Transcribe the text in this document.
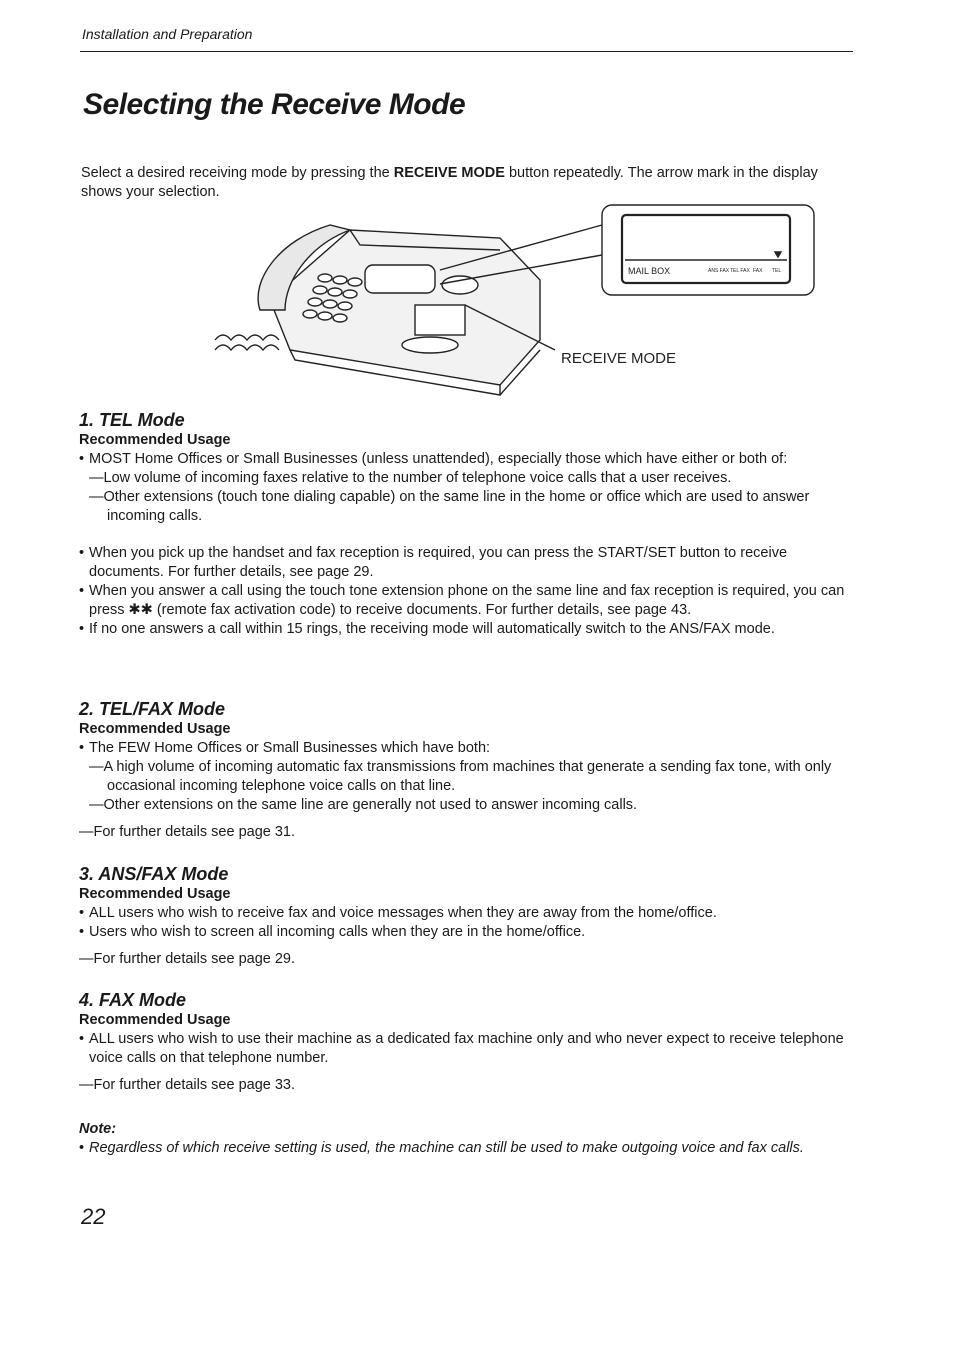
Installation and Preparation
Selecting the Receive Mode
Select a desired receiving mode by pressing the RECEIVE MODE button repeatedly. The arrow mark in the display shows your selection.
MAIL BOX	ANS FAX TEL FAX FAX TEL
RECEIVE MODE
1. TEL Mode
Recommended Usage
• MOST Home Offices or Small Businesses (unless unattended), especially those which have either or both of:
—Low volume of incoming faxes relative to the number of telephone voice calls that a user receives.
—Other extensions (touch tone dialing capable) on the same line in the home or office which are used to answer incoming calls.
• When you pick up the handset and fax reception is required, you can press the START/SET button to receive documents. For further details, see page 29.
• When you answer a call using the touch tone extension phone on the same line and fax reception is required, you can press ✱✱ (remote fax activation code) to receive documents. For further details, see page 43.
• If no one answers a call within 15 rings, the receiving mode will automatically switch to the ANS/FAX mode.
2. TEL/FAX Mode
Recommended Usage
• The FEW Home Offices or Small Businesses which have both:
—A high volume of incoming automatic fax transmissions from machines that generate a sending fax tone, with only occasional incoming telephone voice calls on that line.
—Other extensions on the same line are generally not used to answer incoming calls.
—For further details see page 31.
3. ANS/FAX Mode
Recommended Usage
• ALL users who wish to receive fax and voice messages when they are away from the home/office.
• Users who wish to screen all incoming calls when they are in the home/office.
—For further details see page 29.
4. FAX Mode
Recommended Usage
• ALL users who wish to use their machine as a dedicated fax machine only and who never expect to receive telephone voice calls on that telephone number.
—For further details see page 33.
Note:
• Regardless of which receive setting is used, the machine can still be used to make outgoing voice and fax calls.
22
